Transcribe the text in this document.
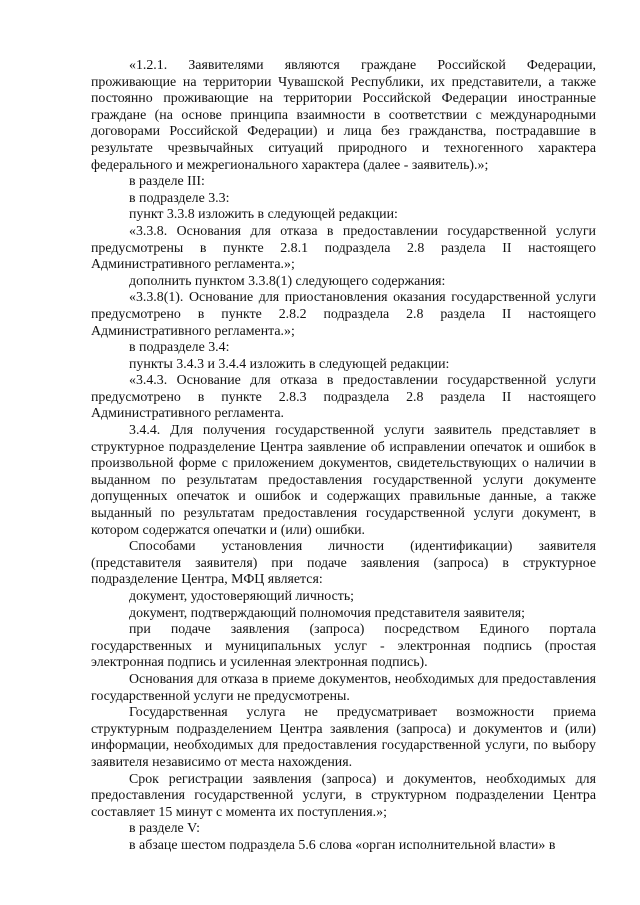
«1.2.1. Заявителями являются граждане Российской Федерации, проживающие на территории Чувашской Республики, их представители, а также постоянно проживающие на территории Российской Федерации иностранные граждане (на основе принципа взаимности в соответствии с международными договорами Российской Федерации) и лица без гражданства, пострадавшие в результате чрезвычайных ситуаций природного и техногенного характера федерального и межрегионального характера (далее - заявитель).»;

в разделе III:

в подразделе 3.3:

пункт 3.3.8 изложить в следующей редакции:

«3.3.8. Основания для отказа в предоставлении государственной услуги предусмотрены в пункте 2.8.1 подраздела 2.8 раздела II настоящего Административного регламента.»;

дополнить пунктом 3.3.8(1) следующего содержания:

«3.3.8(1). Основание для приостановления оказания государственной услуги предусмотрено в пункте 2.8.2 подраздела 2.8 раздела II настоящего Административного регламента.»;

в подразделе 3.4:

пункты 3.4.3 и 3.4.4 изложить в следующей редакции:

«3.4.3. Основание для отказа в предоставлении государственной услуги предусмотрено в пункте 2.8.3 подраздела 2.8 раздела II настоящего Административного регламента.

3.4.4. Для получения государственной услуги заявитель представляет в структурное подразделение Центра заявление об исправлении опечаток и ошибок в произвольной форме с приложением документов, свидетельствующих о наличии в выданном по результатам предоставления государственной услуги документе допущенных опечаток и ошибок и содержащих правильные данные, а также выданный по результатам предоставления государственной услуги документ, в котором содержатся опечатки и (или) ошибки.

Способами установления личности (идентификации) заявителя (представителя заявителя) при подаче заявления (запроса) в структурное подразделение Центра, МФЦ является:

документ, удостоверяющий личность;

документ, подтверждающий полномочия представителя заявителя;

при подаче заявления (запроса) посредством Единого портала государственных и муниципальных услуг - электронная подпись (простая электронная подпись и усиленная электронная подпись).

Основания для отказа в приеме документов, необходимых для предоставления государственной услуги не предусмотрены.

Государственная услуга не предусматривает возможности приема структурным подразделением Центра заявления (запроса) и документов и (или) информации, необходимых для предоставления государственной услуги, по выбору заявителя независимо от места нахождения.

Срок регистрации заявления (запроса) и документов, необходимых для предоставления государственной услуги, в структурном подразделении Центра составляет 15 минут с момента их поступления.»;

в разделе V:

в абзаце шестом подраздела 5.6 слова «орган исполнительной власти» в
